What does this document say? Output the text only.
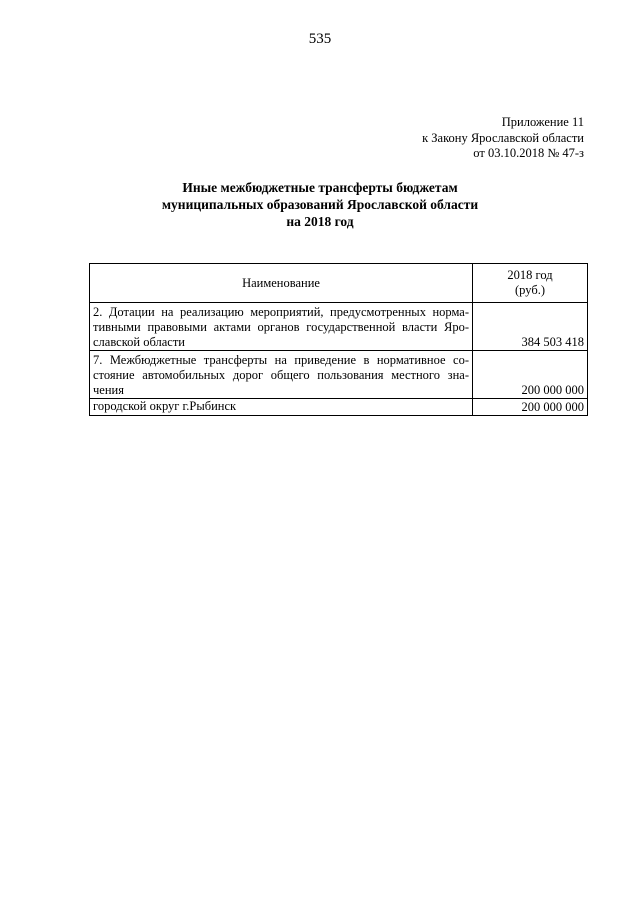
535
Приложение 11
к Закону Ярославской области
от 03.10.2018 № 47-з
Иные межбюджетные трансферты бюджетам
муниципальных образований Ярославской области
на 2018 год
Наименование	2018 год
(руб.)

2. Дотации на реализацию мероприятий, предусмотренных норма-
тивными правовыми актами органов государственной власти Яро-
славской области	384 503 418

7. Межбюджетные трансферты на приведение в нормативное со-
стояние автомобильных дорог общего пользования местного зна-
чения	200 000 000

городской округ г.Рыбинск	200 000 000
